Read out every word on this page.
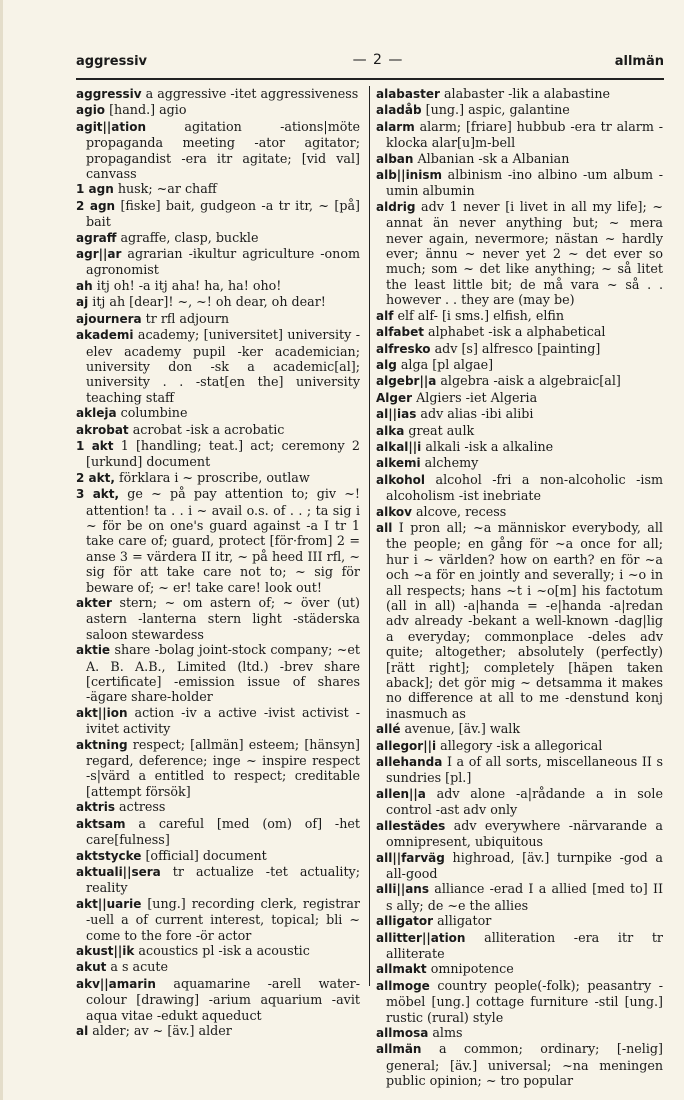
aggressiv	— 2 —	allmän

aggressiv a aggressive -itet aggressiveness

agio [hand.] agio

agit||ation	agitation -ations|möte propaganda meeting -ator agitator; propagandist -era itr agitate; [vid val] canvass

1 agn husk; ~ar chaff

2 agn [fiske] bait, gudgeon -a tr itr, ~ [på] bait

agraff agraffe, clasp, buckle

agr||ar agrarian -ikultur agriculture -onom agronomist

ah itj oh! -a itj aha! ha, ha! oho!

aj itj ah [dear]! ~, ~! oh dear, oh dear!

ajournera tr rfl adjourn

akademi academy; [universitet] university -elev academy pupil -ker academician; university don -sk a academic[al]; university . . -stat[en the] university teaching staff

akleja columbine

akrobat acrobat -isk a acrobatic

1 akt 1 [handling; teat.] act; ceremony 2 [urkund] document

2 akt, förklara i ~ proscribe, outlaw

3 akt, ge ~ på pay attention to; giv ~! attention! ta . . i ~ avail o.s. of . . ; ta sig i ~ för be on one's guard against -a I tr 1 take care of; guard, protect [för·from] 2 = anse 3 = värdera II itr, ~ på heed III rfl, ~ sig för att take care not to; ~ sig för beware of; ~ er! take care! look out!

akter stern; ~ om astern of; ~ över (ut) astern -lanterna stern light -städerska saloon stewardess

aktie share -bolag joint-stock company; ~et A. B. A.B., Limited (ltd.) -brev share [certificate] -emission issue of shares -ägare share-holder

akt||ion action -iv a active -ivist activist -ivitet activity

aktning respect; [allmän] esteem; [hänsyn] regard, deference; inge ~ inspire respect -s|värd a entitled to respect; creditable [attempt försök]

aktris actress

aktsam a careful [med (om) of] -het care[fulness]

aktstycke [official] document

aktuali||sera tr actualize -tet actuality; reality

akt||uarie [ung.] recording clerk, registrar -uell a of current interest, topical; bli ~ come to the fore -ör actor

akust||ik acoustics pl -isk a acoustic

akut a s acute

akv||amarin aquamarine -arell water-colour [drawing] -arium aquarium -avit aqua vitae -edukt aqueduct

al alder; av ~ [äv.] alder

alabaster alabaster -lik a alabastine

aladåb [ung.] aspic, galantine

alarm alarm; [friare] hubbub -era tr alarm -klocka alar[u]m-bell

alban Albanian -sk a Albanian

alb||inism albinism -ino albino -um album -umin albumin

aldrig adv 1 never [i livet in all my life]; ~ annat än never anything but; ~ mera never again, nevermore; nästan ~ hardly ever; ännu ~ never yet 2 ~ det ever so much; som ~ det like anything; ~ så litet the least little bit; de må vara ~ så . . however . . they are (may be)

alf elf alf- [i sms.] elfish, elfin

alfabet alphabet -isk a alphabetical

alfresko adv [s] alfresco [painting]

alg alga [pl algae]

algebr||a algebra -aisk a algebraic[al]

Alger Algiers -iet Algeria

al||ias adv alias -ibi alibi

alka great aulk

alkal||i alkali -isk a alkaline

alkemi alchemy

alkohol alcohol -fri a non-alcoholic -ism alcoholism -ist inebriate

alkov alcove, recess

all I pron all; ~a människor everybody, all the people; en gång för ~a once for all; hur i ~ världen? how on earth? en för ~a och ~a för en jointly and severally; i ~o in all respects; hans ~t i ~o[m] his factotum (all in all) -a|handa = -e|handa -a|redan adv already -bekant a well-known -dag|lig a everyday; commonplace -deles adv quite; altogether; absolutely (perfectly) [rätt right]; completely [häpen taken aback]; det gör mig ~ detsamma it makes no difference at all to me -denstund konj inasmuch as

allé avenue, [äv.] walk

allegor||i allegory -isk a allegorical

allehanda I a of all sorts, miscellaneous II s sundries [pl.]

allen||a adv alone -a|rådande a in sole control -ast adv only

allestädes adv everywhere -närvarande a omnipresent, ubiquitous

all||farväg highroad, [äv.] turnpike -god a all-good

alli||ans alliance -erad I a allied [med to] II s ally; de ~e the allies

alligator alligator

allitter||ation alliteration -era itr tr alliterate

allmakt omnipotence

allmoge country people(-folk); peasantry -möbel [ung.] cottage furniture -stil [ung.] rustic (rural) style

allmosa alms

allmän a common; ordinary; [-nelig] general; [äv.] universal; ~na meningen public opinion; ~ tro popular
